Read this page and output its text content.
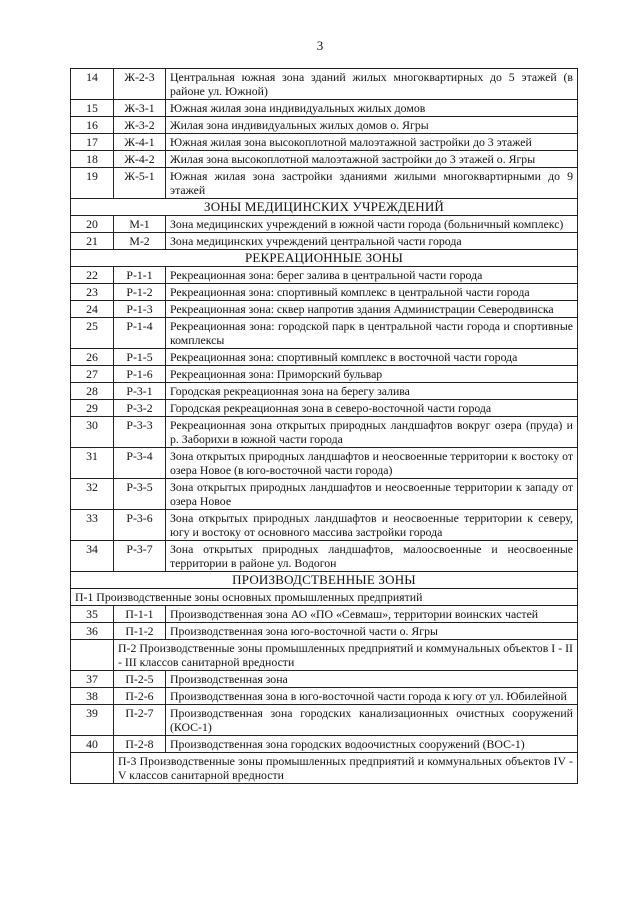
3
14	Ж-2-3	Центральная южная зона зданий жилых многоквартирных до 5 этажей (в районе ул. Южной)
15	Ж-3-1	Южная жилая зона индивидуальных жилых домов
16	Ж-3-2	Жилая зона индивидуальных жилых домов о. Ягры
17	Ж-4-1	Южная жилая зона высокоплотной малоэтажной застройки до 3 этажей
18	Ж-4-2	Жилая зона высокоплотной малоэтажной застройки до 3 этажей о. Ягры
19	Ж-5-1	Южная жилая зона застройки зданиями жилыми многоквартирными до 9 этажей
ЗОНЫ МЕДИЦИНСКИХ УЧРЕЖДЕНИЙ		
20	М-1	Зона медицинских учреждений в южной части города (больничный комплекс)
21	М-2	Зона медицинских учреждений центральной части города
РЕКРЕАЦИОННЫЕ ЗОНЫ		
22	Р-1-1	Рекреационная зона: берег залива в центральной части города
23	Р-1-2	Рекреационная зона: спортивный комплекс в центральной части города
24	Р-1-3	Рекреационная зона: сквер напротив здания Администрации Северодвинска
25	Р-1-4	Рекреационная зона: городской парк в центральной части города и спортивные комплексы
26	Р-1-5	Рекреационная зона: спортивный комплекс в восточной части города
27	Р-1-6	Рекреационная зона: Приморский бульвар
28	Р-3-1	Городская рекреационная зона на берегу залива
29	Р-3-2	Городская рекреационная зона в северо-восточной части города
30	Р-3-3	Рекреационная зона открытых природных ландшафтов вокруг озера (пруда) и р. Заборихи в южной части города
31	Р-3-4	Зона открытых природных ландшафтов и неосвоенные территории к востоку от озера Новое (в юго-восточной части города)
32	Р-3-5	Зона открытых природных ландшафтов и неосвоенные территории к западу от озера Новое
33	Р-3-6	Зона открытых природных ландшафтов и неосвоенные территории к северу, югу и востоку от основного массива застройки города
34	Р-3-7	Зона открытых природных ландшафтов, малоосвоенные и неосвоенные территории в районе ул. Водогон
ПРОИЗВОДСТВЕННЫЕ ЗОНЫ		
П-1 Производственные зоны основных промышленных предприятий		
35	П-1-1	Производственная зона АО «ПО «Севмаш», территории воинских частей
36	П-1-2	Производственная зона юго-восточной части о. Ягры
	П-2 Производственные зоны промышленных предприятий и коммунальных объектов I - II - III классов санитарной вредности	
37	П-2-5	Производственная зона
38	П-2-6	Производственная зона в юго-восточной части города к югу от ул. Юбилейной
39	П-2-7	Производственная зона городских канализационных очистных сооружений (КОС-1)
40	П-2-8	Производственная зона городских водоочистных сооружений (ВОС-1)
	П-3 Производственные зоны промышленных предприятий и коммунальных объектов IV - V классов санитарной вредности	
